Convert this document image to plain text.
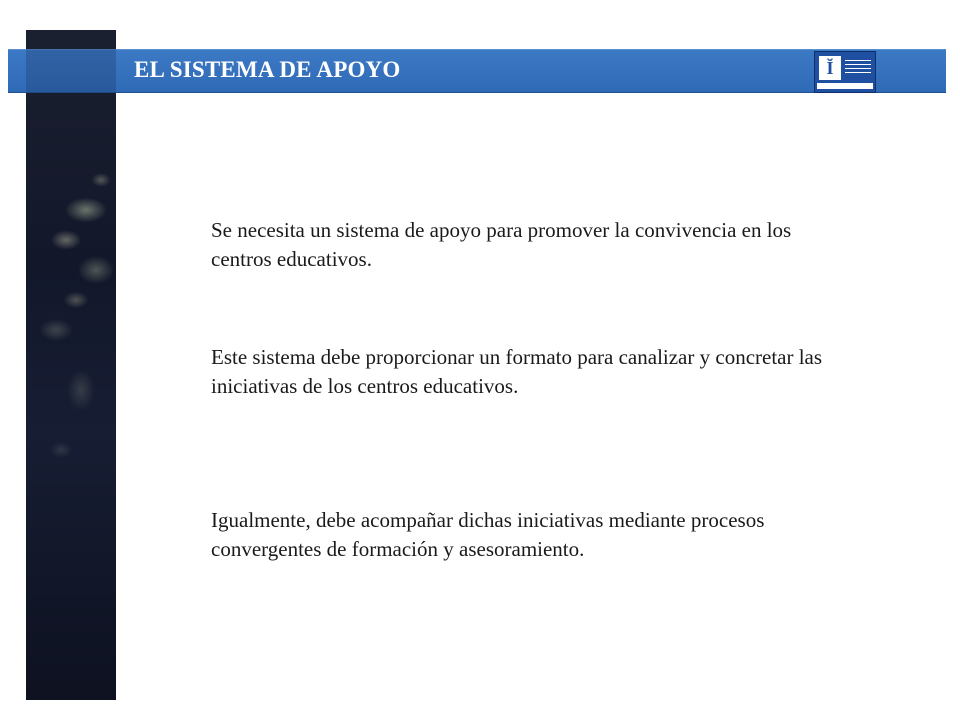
EL SISTEMA DE APOYO	Ĭ

Se necesita un sistema de apoyo para promover la convivencia en los centros educativos.

Este sistema debe proporcionar un formato para canalizar y concretar las iniciativas de los centros educativos.

Igualmente, debe acompañar dichas iniciativas mediante procesos convergentes de formación y asesoramiento.
